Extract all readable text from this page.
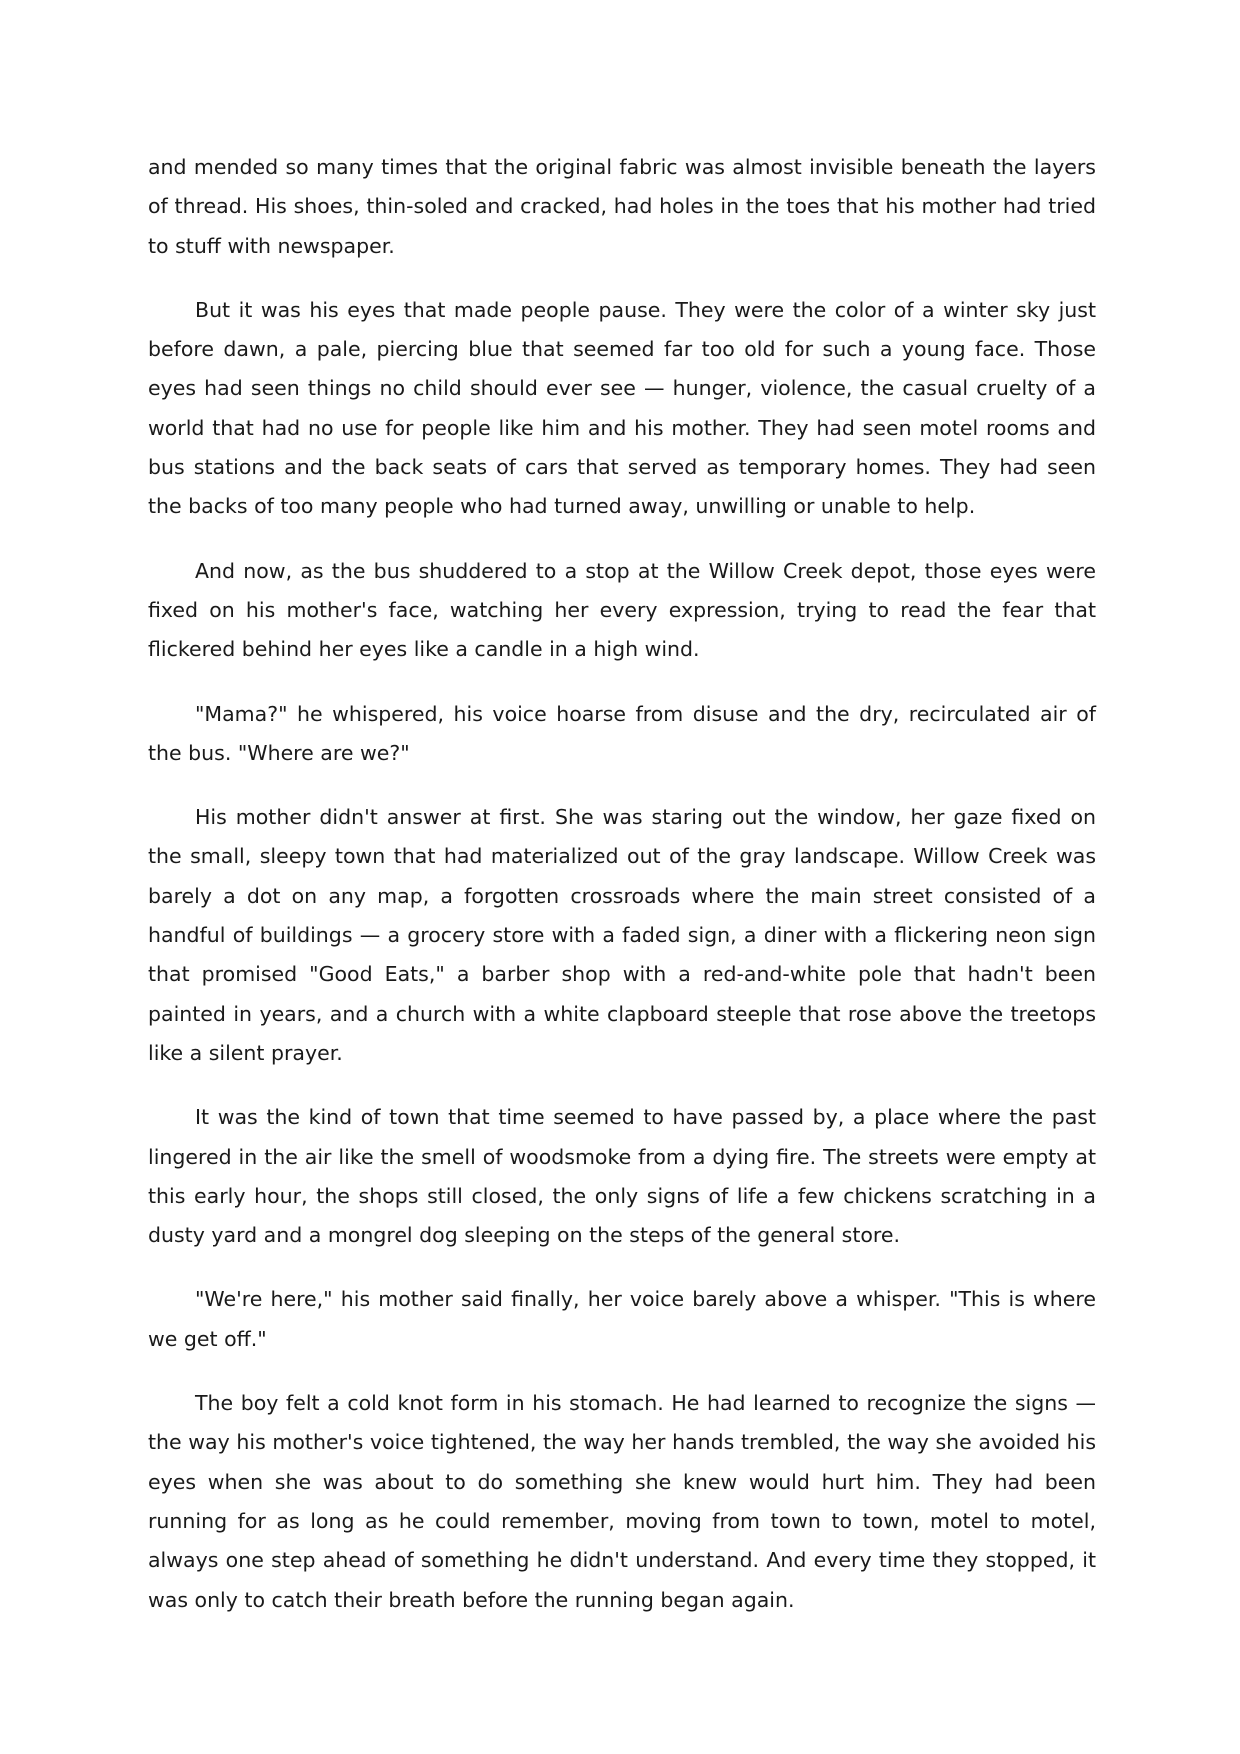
and mended so many times that the original fabric was almost invisible beneath the layers of thread. His shoes, thin-soled and cracked, had holes in the toes that his mother had tried to stuff with newspaper.

But it was his eyes that made people pause. They were the color of a winter sky just before dawn, a pale, piercing blue that seemed far too old for such a young face. Those eyes had seen things no child should ever see — hunger, violence, the casual cruelty of a world that had no use for people like him and his mother. They had seen motel rooms and bus stations and the back seats of cars that served as temporary homes. They had seen the backs of too many people who had turned away, unwilling or unable to help.

And now, as the bus shuddered to a stop at the Willow Creek depot, those eyes were fixed on his mother's face, watching her every expression, trying to read the fear that flickered behind her eyes like a candle in a high wind.

"Mama?" he whispered, his voice hoarse from disuse and the dry, recirculated air of the bus. "Where are we?"

His mother didn't answer at first. She was staring out the window, her gaze fixed on the small, sleepy town that had materialized out of the gray landscape. Willow Creek was barely a dot on any map, a forgotten crossroads where the main street consisted of a handful of buildings — a grocery store with a faded sign, a diner with a flickering neon sign that promised "Good Eats," a barber shop with a red-and-white pole that hadn't been painted in years, and a church with a white clapboard steeple that rose above the treetops like a silent prayer.

It was the kind of town that time seemed to have passed by, a place where the past lingered in the air like the smell of woodsmoke from a dying fire. The streets were empty at this early hour, the shops still closed, the only signs of life a few chickens scratching in a dusty yard and a mongrel dog sleeping on the steps of the general store.

"We're here," his mother said finally, her voice barely above a whisper. "This is where we get off."

The boy felt a cold knot form in his stomach. He had learned to recognize the signs — the way his mother's voice tightened, the way her hands trembled, the way she avoided his eyes when she was about to do something she knew would hurt him. They had been running for as long as he could remember, moving from town to town, motel to motel, always one step ahead of something he didn't understand. And every time they stopped, it was only to catch their breath before the running began again.
